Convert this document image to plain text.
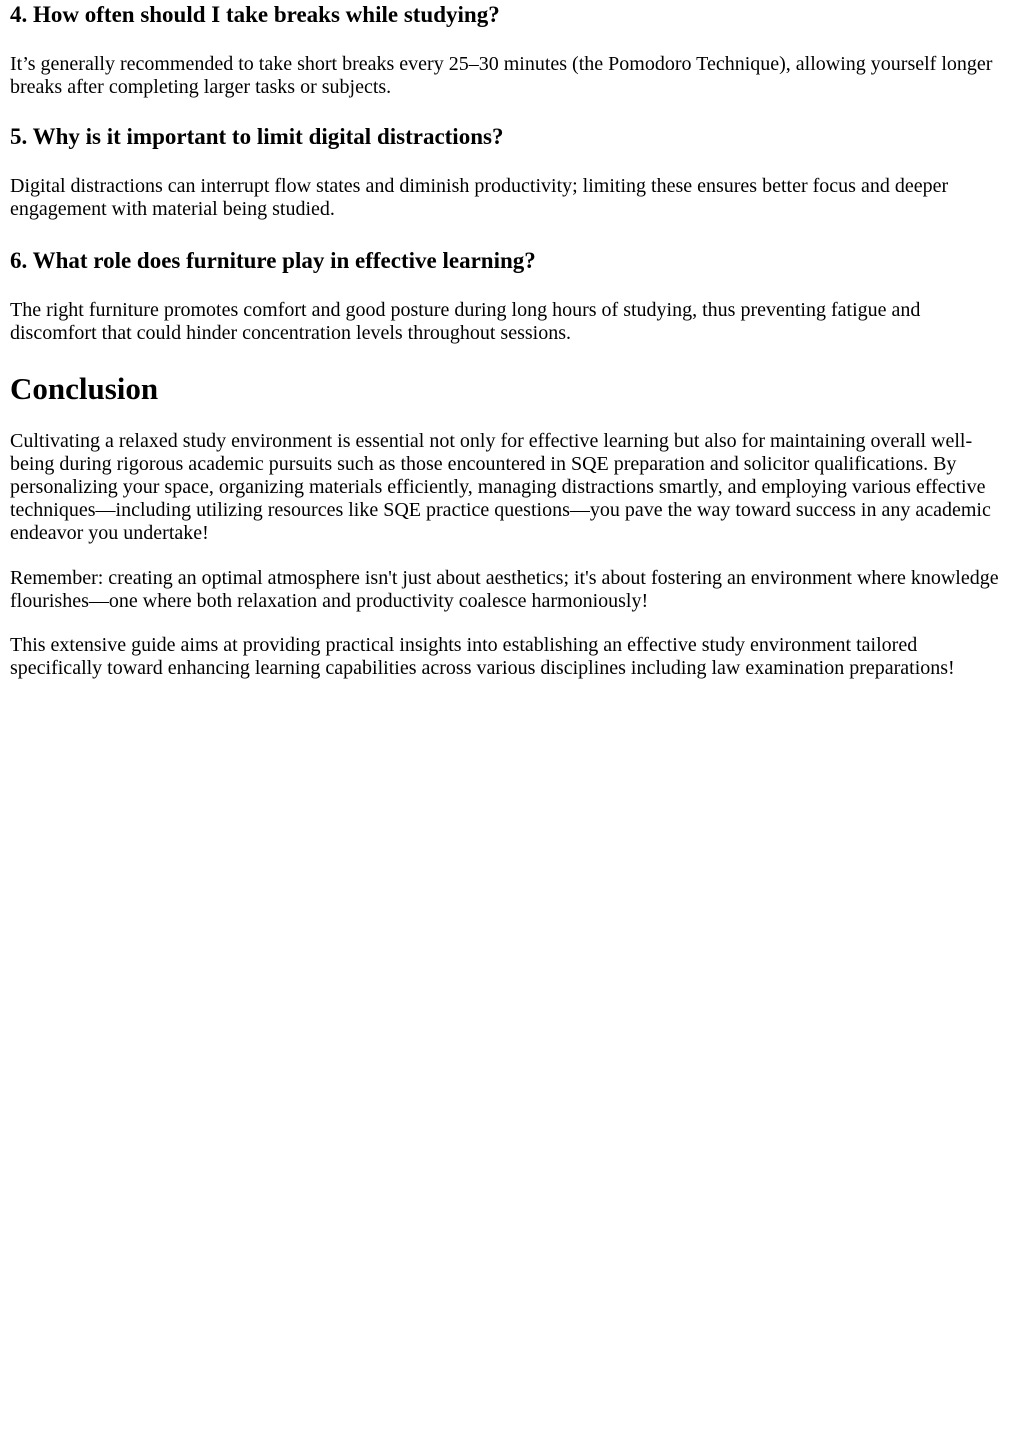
4. How often should I take breaks while studying?

It’s generally recommended to take short breaks every 25–30 minutes (the Pomodoro Technique), allowing yourself longer breaks after completing larger tasks or subjects.

5. Why is it important to limit digital distractions?

Digital distractions can interrupt flow states and diminish productivity; limiting these ensures better focus and deeper engagement with material being studied.

6. What role does furniture play in effective learning?

The right furniture promotes comfort and good posture during long hours of studying, thus preventing fatigue and discomfort that could hinder concentration levels throughout sessions.

Conclusion

Cultivating a relaxed study environment is essential not only for effective learning but also for maintaining overall well-being during rigorous academic pursuits such as those encountered in SQE preparation and solicitor qualifications. By personalizing your space, organizing materials efficiently, managing distractions smartly, and employing various effective techniques—including utilizing resources like SQE practice questions—you pave the way toward success in any academic endeavor you undertake!

Remember: creating an optimal atmosphere isn't just about aesthetics; it's about fostering an environment where knowledge flourishes—one where both relaxation and productivity coalesce harmoniously!

This extensive guide aims at providing practical insights into establishing an effective study environment tailored specifically toward enhancing learning capabilities across various disciplines including law examination preparations!
